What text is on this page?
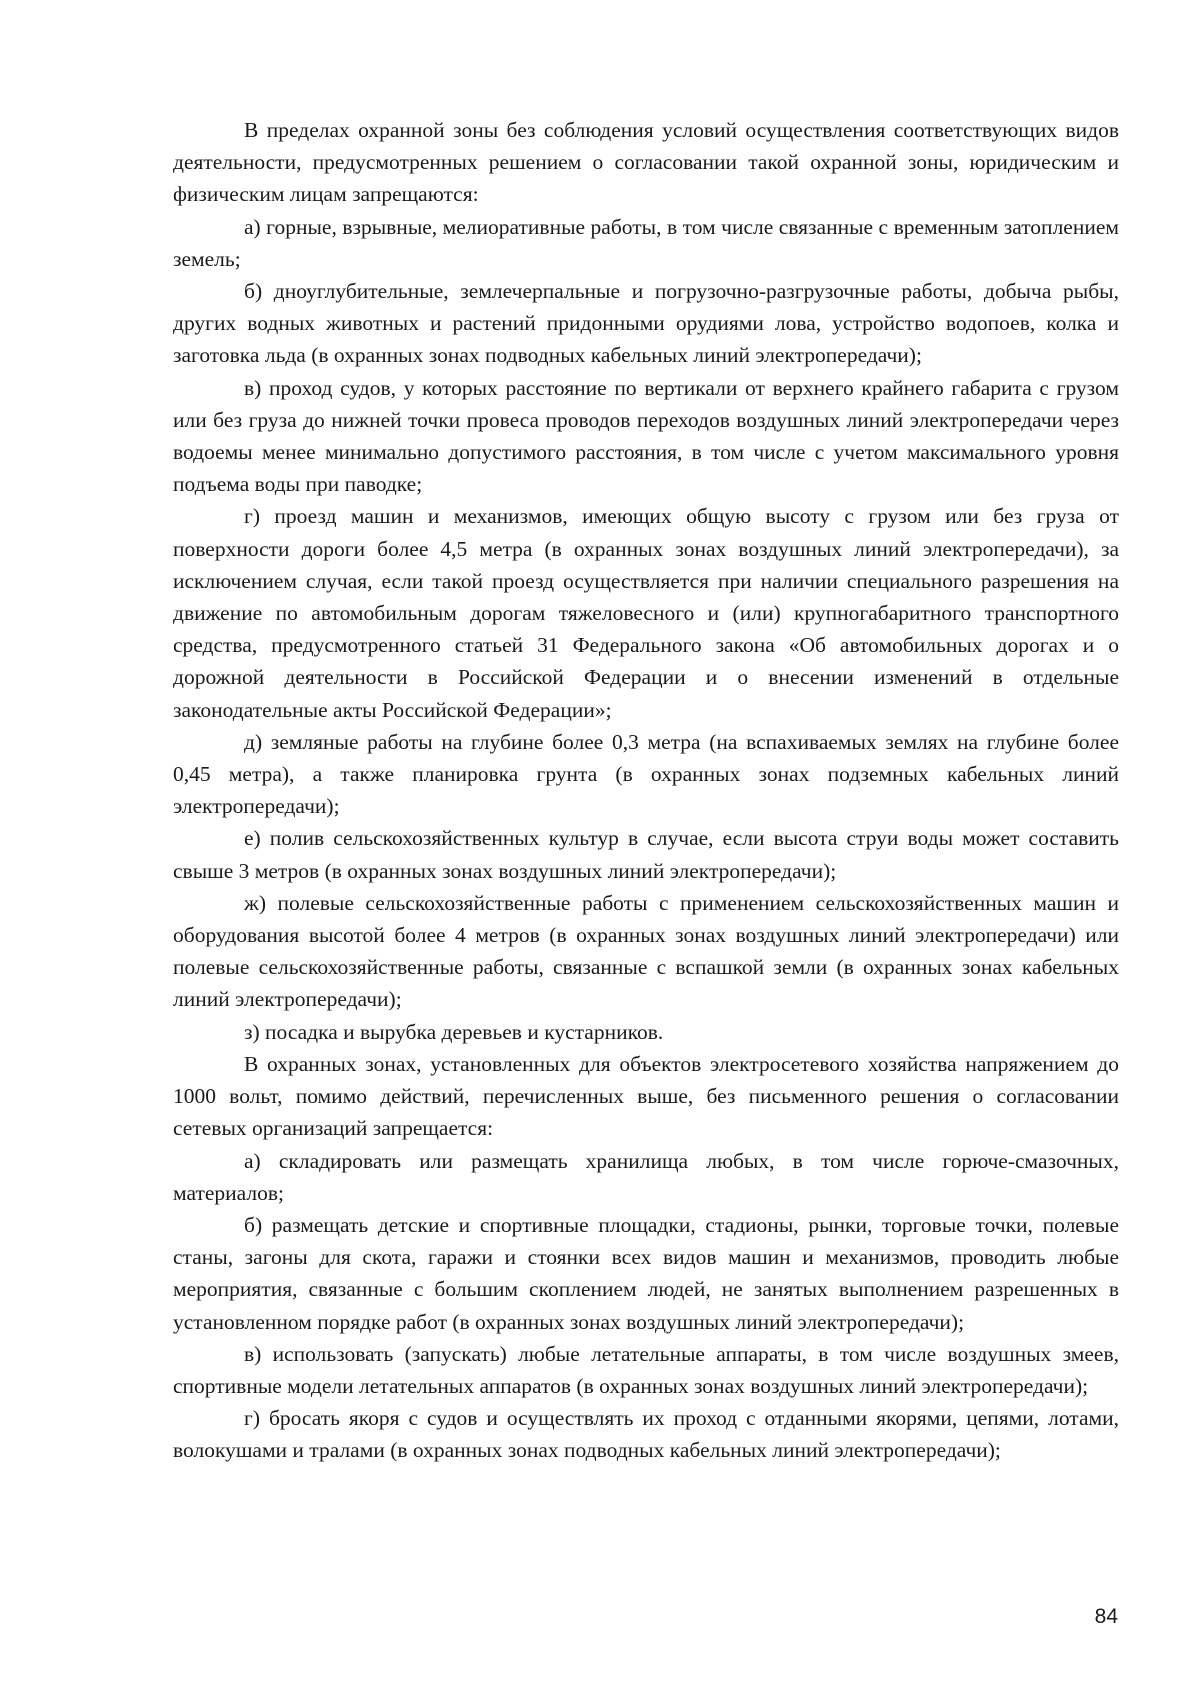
В пределах охранной зоны без соблюдения условий осуществления соответствующих видов деятельности, предусмотренных решением о согласовании такой охранной зоны, юридическим и физическим лицам запрещаются:

а) горные, взрывные, мелиоративные работы, в том числе связанные с временным затоплением земель;

б) дноуглубительные, землечерпальные и погрузочно-разгрузочные работы, добыча рыбы, других водных животных и растений придонными орудиями лова, устройство водопоев, колка и заготовка льда (в охранных зонах подводных кабельных линий электропередачи);

в) проход судов, у которых расстояние по вертикали от верхнего крайнего габарита с грузом или без груза до нижней точки провеса проводов переходов воздушных линий электропередачи через водоемы менее минимально допустимого расстояния, в том числе с учетом максимального уровня подъема воды при паводке;

г) проезд машин и механизмов, имеющих общую высоту с грузом или без груза от поверхности дороги более 4,5 метра (в охранных зонах воздушных линий электропередачи), за исключением случая, если такой проезд осуществляется при наличии специального разрешения на движение по автомобильным дорогам тяжеловесного и (или) крупногабаритного транспортного средства, предусмотренного статьей 31 Федерального закона «Об автомобильных дорогах и о дорожной деятельности в Российской Федерации и о внесении изменений в отдельные законодательные акты Российской Федерации»;

д) земляные работы на глубине более 0,3 метра (на вспахиваемых землях на глубине более 0,45 метра), а также планировка грунта (в охранных зонах подземных кабельных линий электропередачи);

е) полив сельскохозяйственных культур в случае, если высота струи воды может составить свыше 3 метров (в охранных зонах воздушных линий электропередачи);

ж) полевые сельскохозяйственные работы с применением сельскохозяйственных машин и оборудования высотой более 4 метров (в охранных зонах воздушных линий электропередачи) или полевые сельскохозяйственные работы, связанные с вспашкой земли (в охранных зонах кабельных линий электропередачи);

з) посадка и вырубка деревьев и кустарников.

В охранных зонах, установленных для объектов электросетевого хозяйства напряжением до 1000 вольт, помимо действий, перечисленных выше, без письменного решения о согласовании сетевых организаций запрещается:

а) складировать или размещать хранилища любых, в том числе горюче-смазочных, материалов;

б) размещать детские и спортивные площадки, стадионы, рынки, торговые точки, полевые станы, загоны для скота, гаражи и стоянки всех видов машин и механизмов, проводить любые мероприятия, связанные с большим скоплением людей, не занятых выполнением разрешенных в установленном порядке работ (в охранных зонах воздушных линий электропередачи);

в) использовать (запускать) любые летательные аппараты, в том числе воздушных змеев, спортивные модели летательных аппаратов (в охранных зонах воздушных линий электропередачи);

г) бросать якоря с судов и осуществлять их проход с отданными якорями, цепями, лотами, волокушами и тралами (в охранных зонах подводных кабельных линий электропередачи);

84
